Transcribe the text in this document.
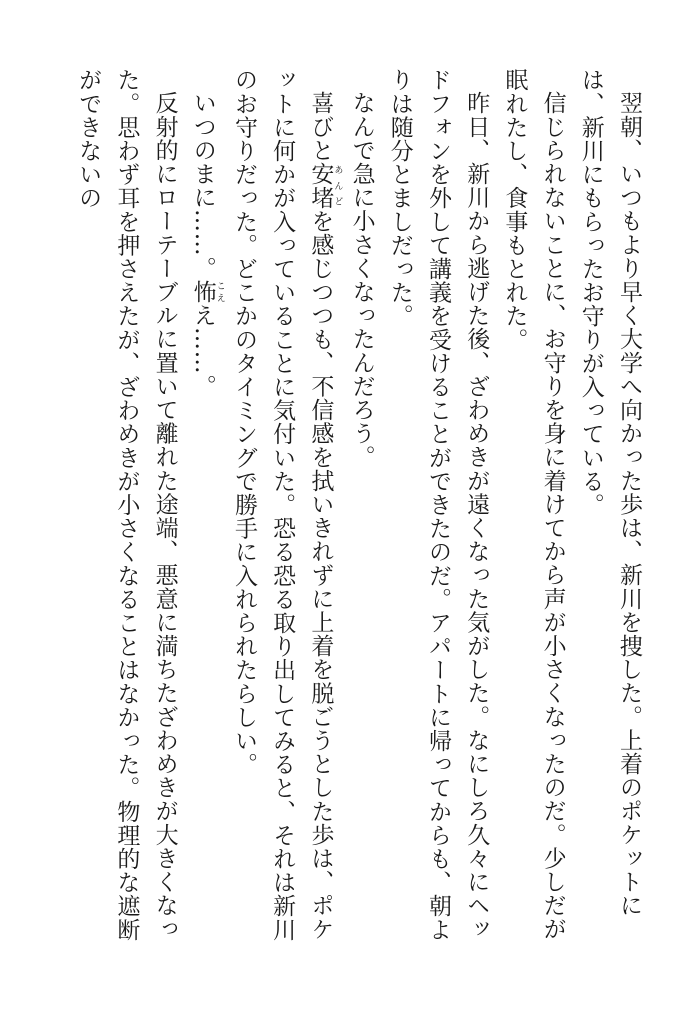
翌朝、いつもより早く大学へ向かった歩は、新川を捜した。上着のポケットには、新川にもらったお守りが入っている。

信じられないことに、お守りを身に着けてから声が小さくなったのだ。少しだが眠れたし、食事もとれた。

昨日、新川から逃げた後、ざわめきが遠くなった気がした。なにしろ久々にヘッドフォンを外して講義を受けることができたのだ。アパートに帰ってからも、朝よりは随分とましだった。

なんで急に小さくなったんだろう。

喜びと安堵 あんどを感じつつも、不信感を拭いきれずに上着を脱ごうとした歩は、ポケットに何かが入っていることに気付いた。恐る恐る取り出してみると、それは新川のお守りだった。どこかのタイミングで勝手に入れられたらしい。

いつのまに……。怖 こええ……。

反射的にローテーブルに置いて離れた途端、悪意に満ちたざわめきが大きくなった。思わず耳を押さえたが、ざわめきが小さくなることはなかった。物理的な遮断ができないの
